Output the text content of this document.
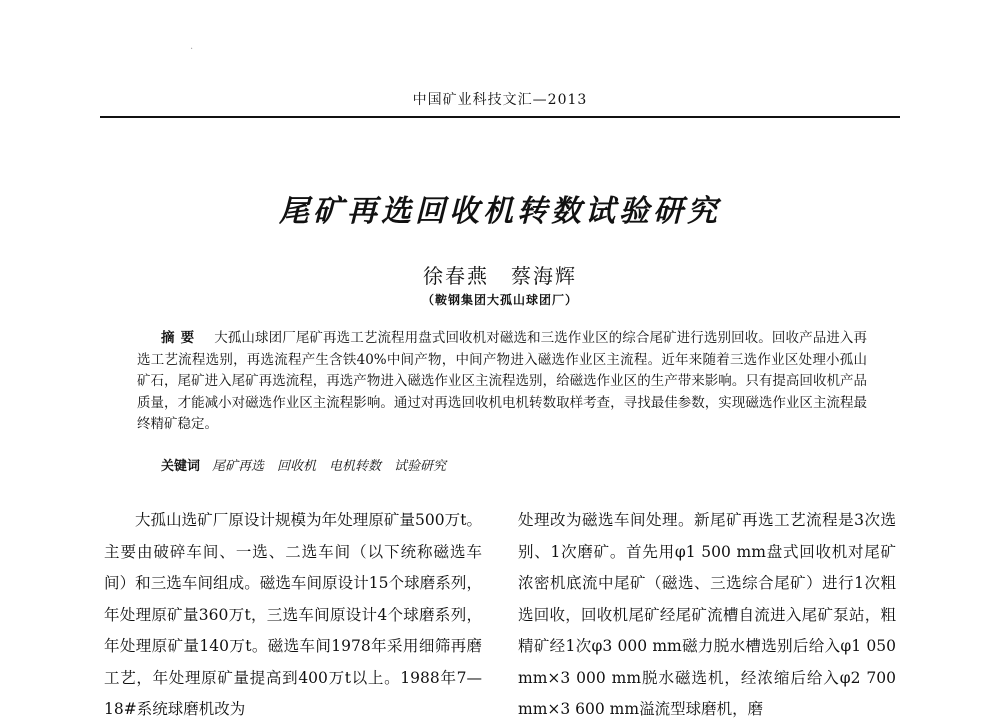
·
中国矿业科技文汇—2013
尾矿再选回收机转数试验研究
徐春燕　蔡海辉
（鞍钢集团大孤山球团厂）
摘要 大孤山球团厂尾矿再选工艺流程用盘式回收机对磁选和三选作业区的综合尾矿进行选别回收。回收产品进入再选工艺流程选别，再选流程产生含铁40%中间产物，中间产物进入磁选作业区主流程。近年来随着三选作业区处理小孤山矿石，尾矿进入尾矿再选流程，再选产物进入磁选作业区主流程选别，给磁选作业区的生产带来影响。只有提高回收机产品质量，才能减小对磁选作业区主流程影响。通过对再选回收机电机转数取样考查，寻找最佳参数，实现磁选作业区主流程最终精矿稳定。
关键词 尾矿再选　回收机　电机转数　试验研究
大孤山选矿厂原设计规模为年处理原矿量500万t。主要由破碎车间、一选、二选车间（以下统称磁选车间）和三选车间组成。磁选车间原设计15个球磨系列，年处理原矿量360万t，三选车间原设计4个球磨系列，年处理原矿量140万t。磁选车间1978年采用细筛再磨工艺，年处理原矿量提高到400万t以上。1988年7—18#系统球磨机改为
处理改为磁选车间处理。新尾矿再选工艺流程是3次选别、1次磨矿。首先用φ1 500 mm盘式回收机对尾矿浓密机底流中尾矿（磁选、三选综合尾矿）进行1次粗选回收，回收机尾矿经尾矿流槽自流进入尾矿泵站，粗精矿经1次φ3 000 mm磁力脱水槽选别后给入φ1 050 mm×3 000 mm脱水磁选机，经浓缩后给入φ2 700 mm×3 600 mm溢流型球磨机，磨
